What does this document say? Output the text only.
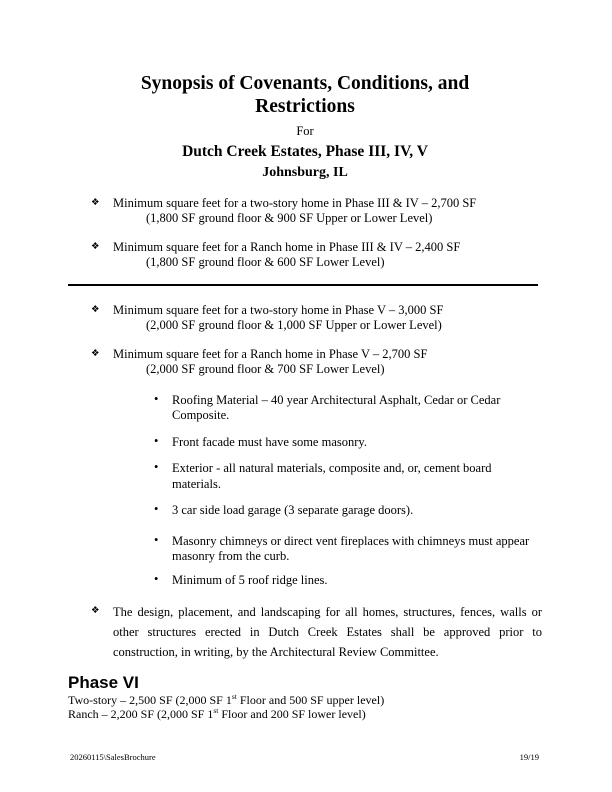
Synopsis of Covenants, Conditions, and
Restrictions
For
Dutch Creek Estates, Phase III, IV, V
Johnsburg, IL
❖ Minimum square feet for a two-story home in Phase III & IV – 2,700 SF
(1,800 SF ground floor & 900 SF Upper or Lower Level)
❖ Minimum square feet for a Ranch home in Phase III & IV – 2,400 SF
(1,800 SF ground floor & 600 SF Lower Level)
❖ Minimum square feet for a two-story home in Phase V – 3,000 SF
(2,000 SF ground floor & 1,000 SF Upper or Lower Level)
❖ Minimum square feet for a Ranch home in Phase V – 2,700 SF
(2,000 SF ground floor & 700 SF Lower Level)
• Roofing Material – 40 year Architectural Asphalt, Cedar or Cedar Composite.
• Front facade must have some masonry.
• Exterior - all natural materials, composite and, or, cement board materials.
• 3 car side load garage (3 separate garage doors).
• Masonry chimneys or direct vent fireplaces with chimneys must appear masonry from the curb.
• Minimum of 5 roof ridge lines.
❖ The design, placement, and landscaping for all homes, structures, fences, walls or other structures erected in Dutch Creek Estates shall be approved prior to construction, in writing, by the Architectural Review Committee.
Phase VI
Two-story – 2,500 SF (2,000 SF 1st Floor and 500 SF upper level)
Ranch – 2,200 SF (2,000 SF 1st Floor and 200 SF lower level)
20260115\SalesBrochure	19/19
